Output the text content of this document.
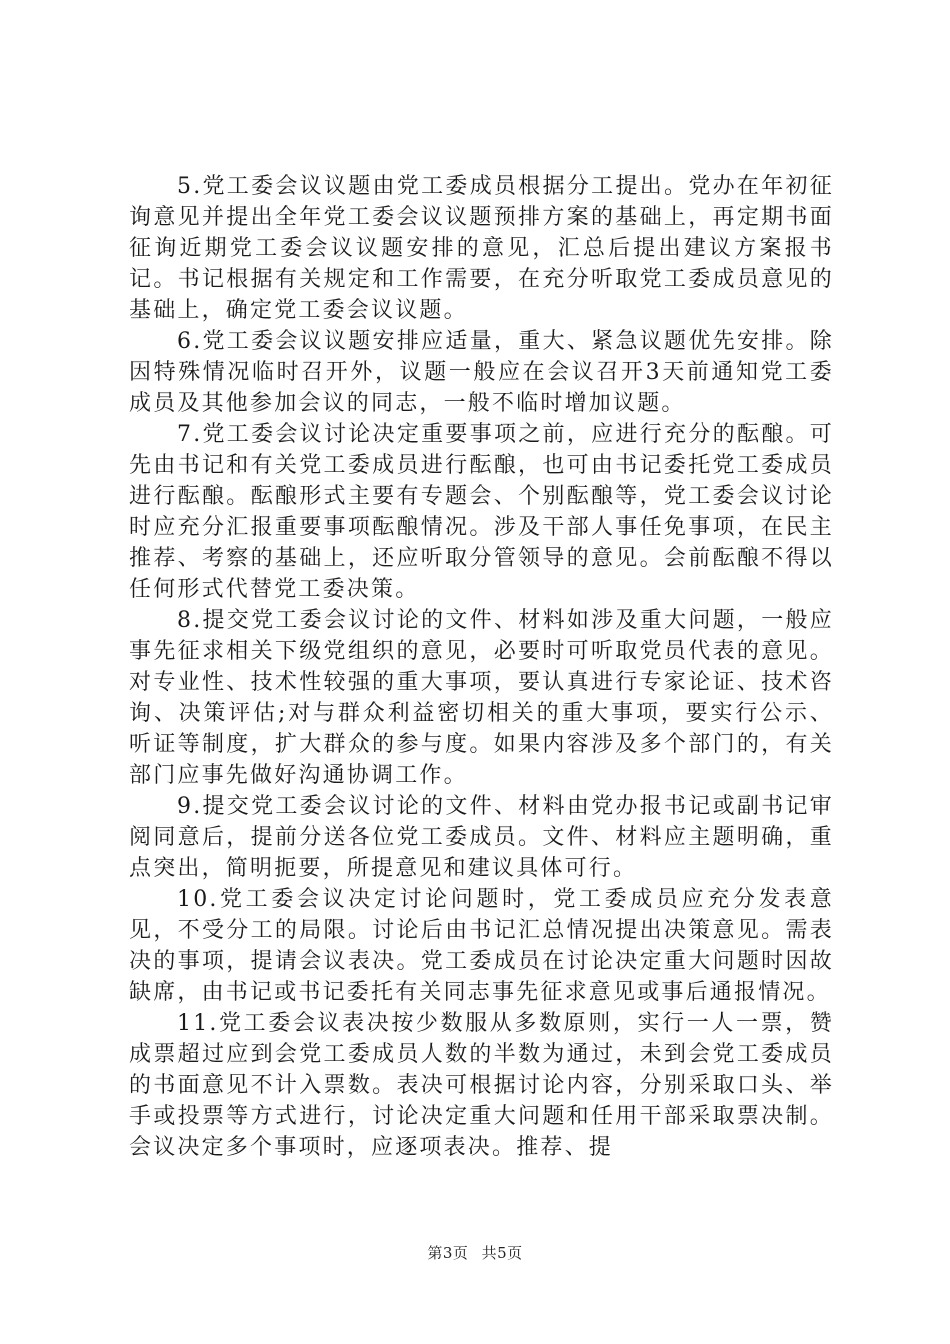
5.党工委会议议题由党工委成员根据分工提出。党办在年初征询意见并提出全年党工委会议议题预排方案的基础上，再定期书面征询近期党工委会议议题安排的意见，汇总后提出建议方案报书记。书记根据有关规定和工作需要，在充分听取党工委成员意见的基础上，确定党工委会议议题。

6.党工委会议议题安排应适量，重大、紧急议题优先安排。除因特殊情况临时召开外，议题一般应在会议召开3天前通知党工委成员及其他参加会议的同志，一般不临时增加议题。

7.党工委会议讨论决定重要事项之前，应进行充分的酝酿。可先由书记和有关党工委成员进行酝酿，也可由书记委托党工委成员进行酝酿。酝酿形式主要有专题会、个别酝酿等，党工委会议讨论时应充分汇报重要事项酝酿情况。涉及干部人事任免事项，在民主推荐、考察的基础上，还应听取分管领导的意见。会前酝酿不得以任何形式代替党工委决策。

8.提交党工委会议讨论的文件、材料如涉及重大问题，一般应事先征求相关下级党组织的意见，必要时可听取党员代表的意见。对专业性、技术性较强的重大事项，要认真进行专家论证、技术咨询、决策评估;对与群众利益密切相关的重大事项，要实行公示、听证等制度，扩大群众的参与度。如果内容涉及多个部门的，有关部门应事先做好沟通协调工作。

9.提交党工委会议讨论的文件、材料由党办报书记或副书记审阅同意后，提前分送各位党工委成员。文件、材料应主题明确，重点突出，简明扼要，所提意见和建议具体可行。

10.党工委会议决定讨论问题时，党工委成员应充分发表意见，不受分工的局限。讨论后由书记汇总情况提出决策意见。需表决的事项，提请会议表决。党工委成员在讨论决定重大问题时因故缺席，由书记或书记委托有关同志事先征求意见或事后通报情况。

11.党工委会议表决按少数服从多数原则，实行一人一票，赞成票超过应到会党工委成员人数的半数为通过，未到会党工委成员的书面意见不计入票数。表决可根据讨论内容，分别采取口头、举手或投票等方式进行，讨论决定重大问题和任用干部采取票决制。会议决定多个事项时，应逐项表决。推荐、提

第3页 共5页
